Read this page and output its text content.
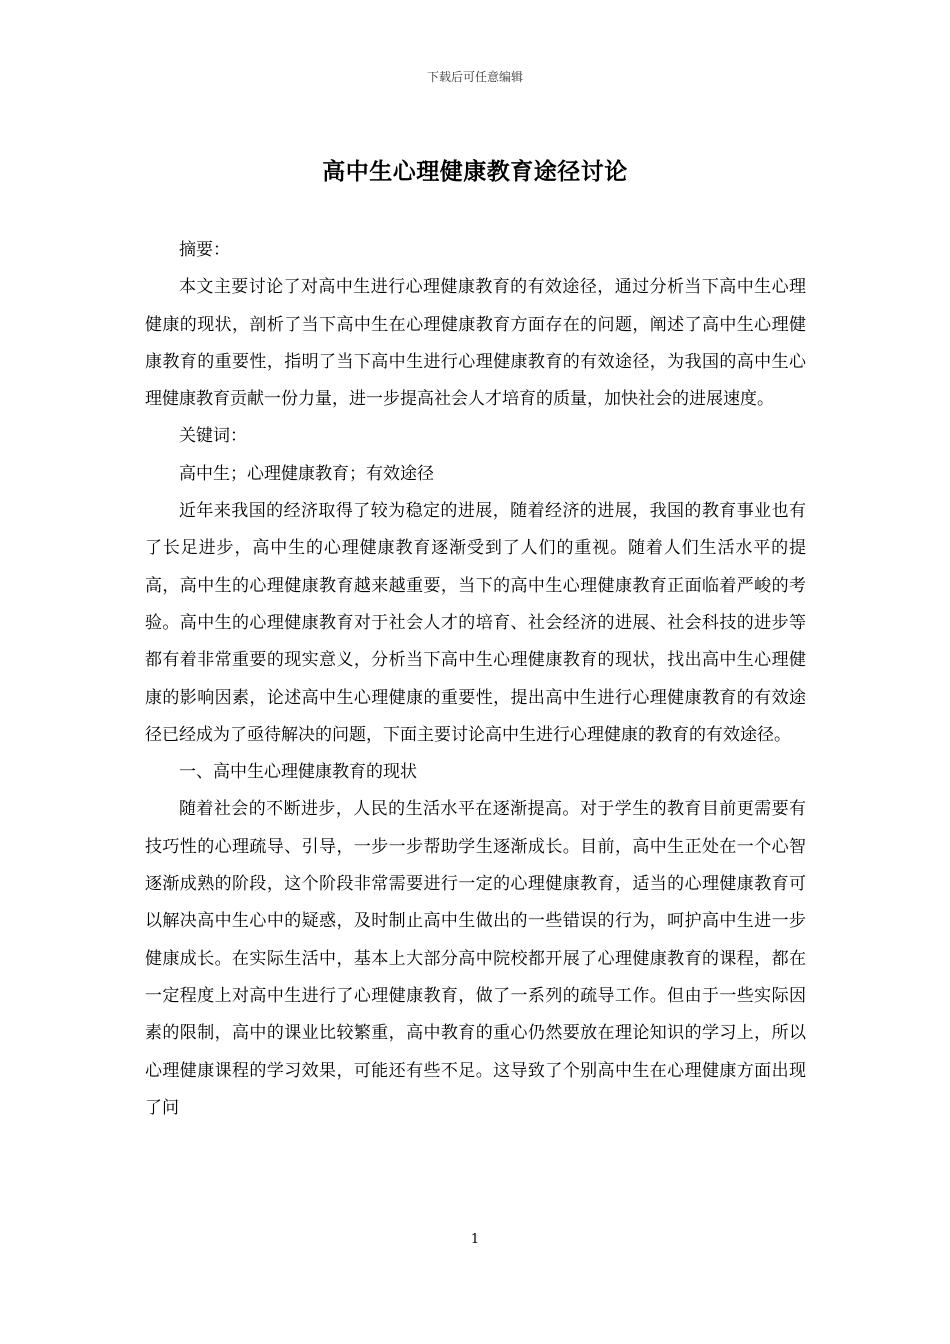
下载后可任意编辑
高中生心理健康教育途径讨论

摘要：

本文主要讨论了对高中生进行心理健康教育的有效途径，通过分析当下高中生心理健康的现状，剖析了当下高中生在心理健康教育方面存在的问题，阐述了高中生心理健康教育的重要性，指明了当下高中生进行心理健康教育的有效途径，为我国的高中生心理健康教育贡献一份力量，进一步提高社会人才培育的质量，加快社会的进展速度。

关键词：

高中生；心理健康教育；有效途径

近年来我国的经济取得了较为稳定的进展，随着经济的进展，我国的教育事业也有了长足进步，高中生的心理健康教育逐渐受到了人们的重视。随着人们生活水平的提高，高中生的心理健康教育越来越重要，当下的高中生心理健康教育正面临着严峻的考验。高中生的心理健康教育对于社会人才的培育、社会经济的进展、社会科技的进步等都有着非常重要的现实意义，分析当下高中生心理健康教育的现状，找出高中生心理健康的影响因素，论述高中生心理健康的重要性，提出高中生进行心理健康教育的有效途径已经成为了亟待解决的问题，下面主要讨论高中生进行心理健康的教育的有效途径。

一、高中生心理健康教育的现状

随着社会的不断进步，人民的生活水平在逐渐提高。对于学生的教育目前更需要有技巧性的心理疏导、引导，一步一步帮助学生逐渐成长。目前，高中生正处在一个心智逐渐成熟的阶段，这个阶段非常需要进行一定的心理健康教育，适当的心理健康教育可以解决高中生心中的疑惑，及时制止高中生做出的一些错误的行为，呵护高中生进一步健康成长。在实际生活中，基本上大部分高中院校都开展了心理健康教育的课程，都在一定程度上对高中生进行了心理健康教育，做了一系列的疏导工作。但由于一些实际因素的限制，高中的课业比较繁重，高中教育的重心仍然要放在理论知识的学习上，所以心理健康课程的学习效果，可能还有些不足。这导致了个别高中生在心理健康方面出现了问

1
